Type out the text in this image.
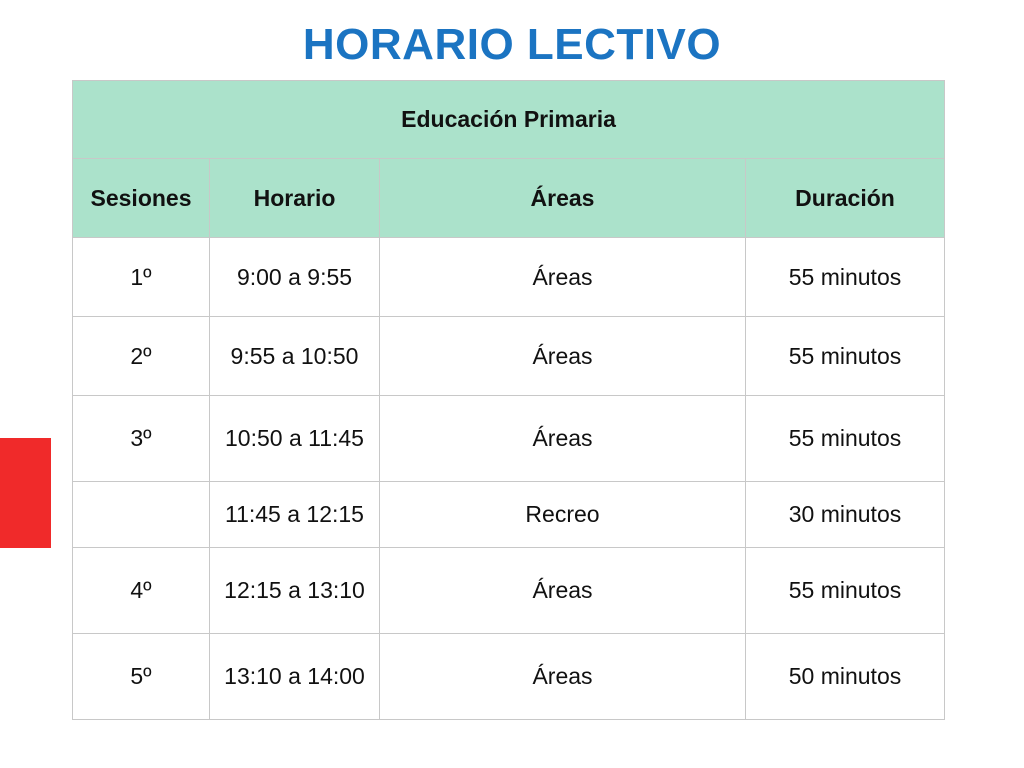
HORARIO LECTIVO
Educación Primaria			
Sesiones	Horario	Áreas	Duración
1º	9:00 a 9:55	Áreas	55 minutos
2º	9:55 a 10:50	Áreas	55 minutos
3º	10:50 a 11:45	Áreas	55 minutos
	11:45 a 12:15	Recreo	30 minutos
4º	12:15 a 13:10	Áreas	55 minutos
5º	13:10 a 14:00	Áreas	50 minutos
